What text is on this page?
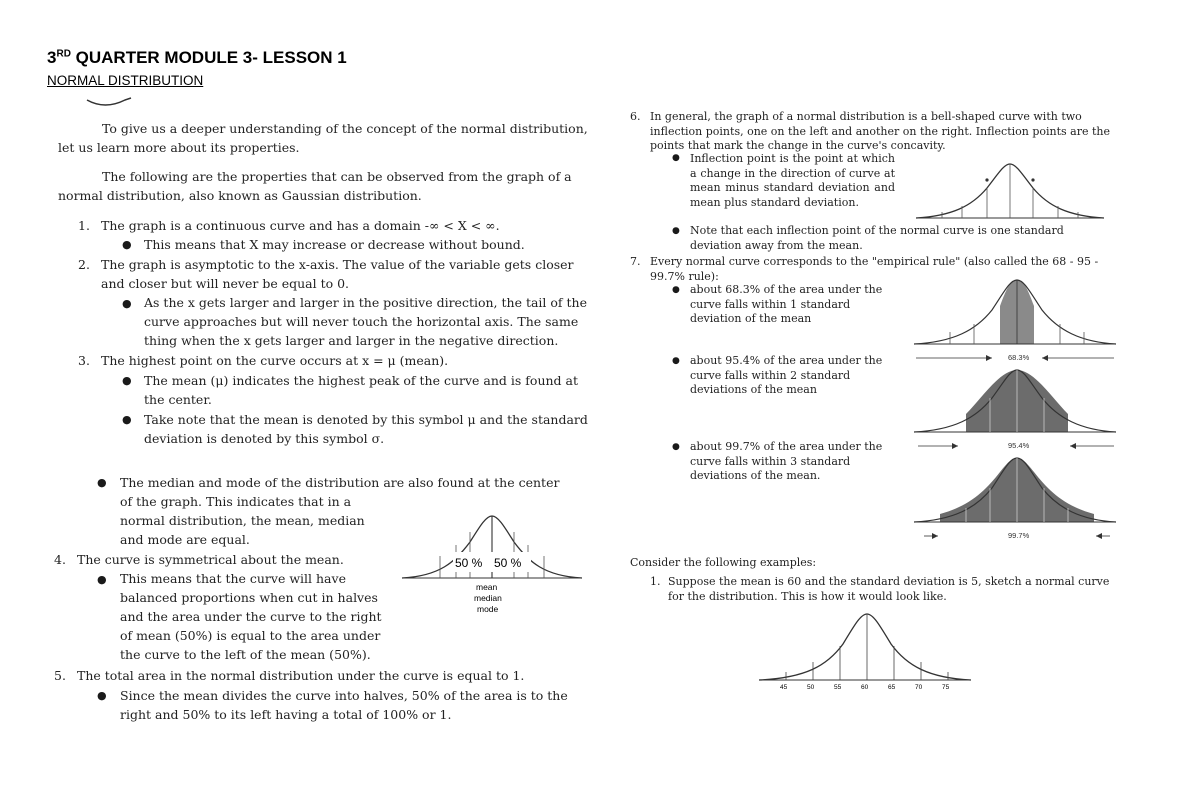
3RD QUARTER MODULE 3- LESSON 1
NORMAL DISTRIBUTION
To give us a deeper understanding of the concept of the normal distribution, let us learn more about its properties.
The following are the properties that can be observed from the graph of a normal distribution, also known as Gaussian distribution.
1. The graph is a continuous curve and has a domain -∞ < X < ∞.
● This means that X may increase or decrease without bound.
2. The graph is asymptotic to the x-axis. The value of the variable gets closer and closer but will never be equal to 0.
● As the x gets larger and larger in the positive direction, the tail of the curve approaches but will never touch the horizontal axis. The same thing when the x gets larger and larger in the negative direction.
3. The highest point on the curve occurs at x = μ (mean).
● The mean (μ) indicates the highest peak of the curve and is found at the center.
● Take note that the mean is denoted by this symbol μ and the standard deviation is denoted by this symbol σ.
● The median and mode of the distribution are also found at the center
of the graph. This indicates that in a normal distribution, the mean, median and mode are equal.
4. The curve is symmetrical about the mean.
● This means that the curve will have balanced proportions when cut in halves and the area under the curve to the right of mean (50%) is equal to the area under the curve to the left of the mean (50%).
50 % 50 %
mean
median
mode
5. The total area in the normal distribution under the curve is equal to 1.
● Since the mean divides the curve into halves, 50% of the area is to the right and 50% to its left having a total of 100% or 1.
6. In general, the graph of a normal distribution is a bell-shaped curve with two inflection points, one on the left and another on the right. Inflection points are the points that mark the change in the curve's concavity.
● Inflection point is the point at which a change in the direction of curve at mean minus standard deviation and mean plus standard deviation.
● Note that each inflection point of the normal curve is one standard deviation away from the mean.
7. Every normal curve corresponds to the "empirical rule" (also called the 68 - 95 - 99.7% rule):
● about 68.3% of the area under the curve falls within 1 standard deviation of the mean
● about 95.4% of the area under the curve falls within 2 standard deviations of the mean
● about 99.7% of the area under the curve falls within 3 standard deviations of the mean.
68.3%
95.4%
99.7%
Consider the following examples:
1. Suppose the mean is 60 and the standard deviation is 5, sketch a normal curve for the distribution. This is how it would look like.
45	50	55	60	65	70	75
